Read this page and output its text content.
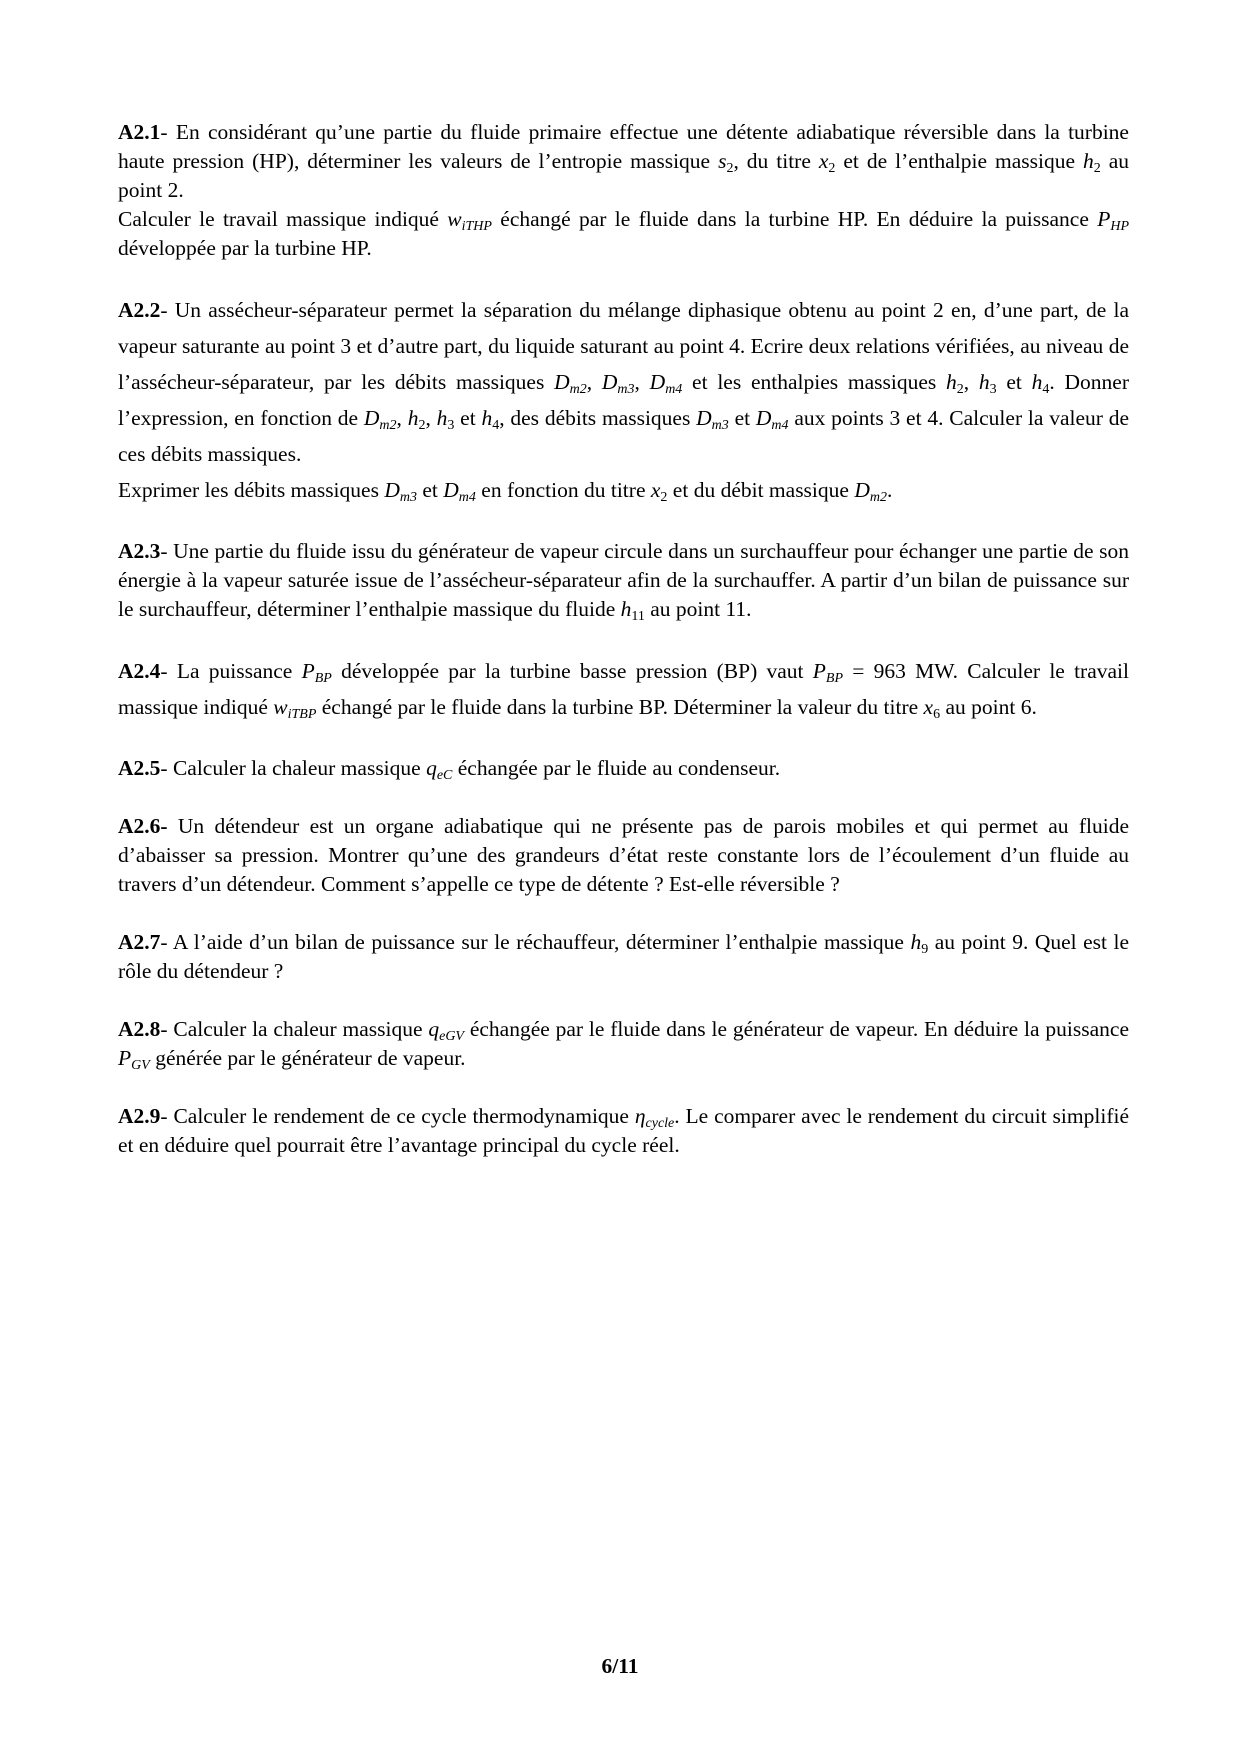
A2.1- En considérant qu’une partie du fluide primaire effectue une détente adiabatique réversible dans la turbine haute pression (HP), déterminer les valeurs de l’entropie massique $s_2$, du titre $x_2$ et de l’enthalpie massique $h_2$ au point 2.
Calculer le travail massique indiqué $w_{iTHP}$ échangé par le fluide dans la turbine HP. En déduire la puissance $P_{HP}$ développée par la turbine HP.

A2.2- Un assécheur-séparateur permet la séparation du mélange diphasique obtenu au point 2 en, d’une part, de la vapeur saturante au point 3 et d’autre part, du liquide saturant au point 4. Ecrire deux relations vérifiées, au niveau de l’assécheur-séparateur, par les débits massiques $D_{m2}$, $D_{m3}$, $D_{m4}$ et les enthalpies massiques $h_2$, $h_3$ et $h_4$. Donner l’expression, en fonction de $D_{m2}$, $h_2$, $h_3$ et $h_4$, des débits massiques $D_{m3}$ et $D_{m4}$ aux points 3 et 4. Calculer la valeur de ces débits massiques.
Exprimer les débits massiques $D_{m3}$ et $D_{m4}$ en fonction du titre $x_2$ et du débit massique $D_{m2}$.

A2.3- Une partie du fluide issu du générateur de vapeur circule dans un surchauffeur pour échanger une partie de son énergie à la vapeur saturée issue de l’assécheur-séparateur afin de la surchauffer. A partir d’un bilan de puissance sur le surchauffeur, déterminer l’enthalpie massique du fluide $h_{11}$ au point 11.

A2.4- La puissance $P_{BP}$ développée par la turbine basse pression (BP) vaut $P_{BP} = 963$ MW. Calculer le travail massique indiqué $w_{iTBP}$ échangé par le fluide dans la turbine BP. Déterminer la valeur du titre $x_6$ au point 6.

A2.5- Calculer la chaleur massique $q_{eC}$ échangée par le fluide au condenseur.

A2.6- Un détendeur est un organe adiabatique qui ne présente pas de parois mobiles et qui permet au fluide d’abaisser sa pression. Montrer qu’une des grandeurs d’état reste constante lors de l’écoulement d’un fluide au travers d’un détendeur. Comment s’appelle ce type de détente ? Est-elle réversible ?

A2.7- A l’aide d’un bilan de puissance sur le réchauffeur, déterminer l’enthalpie massique $h_9$ au point 9. Quel est le rôle du détendeur ?

A2.8- Calculer la chaleur massique $q_{eGV}$ échangée par le fluide dans le générateur de vapeur. En déduire la puissance $P_{GV}$ générée par le générateur de vapeur.

A2.9- Calculer le rendement de ce cycle thermodynamique $\eta_{cycle}$. Le comparer avec le rendement du circuit simplifié et en déduire quel pourrait être l’avantage principal du cycle réel.

6/11
